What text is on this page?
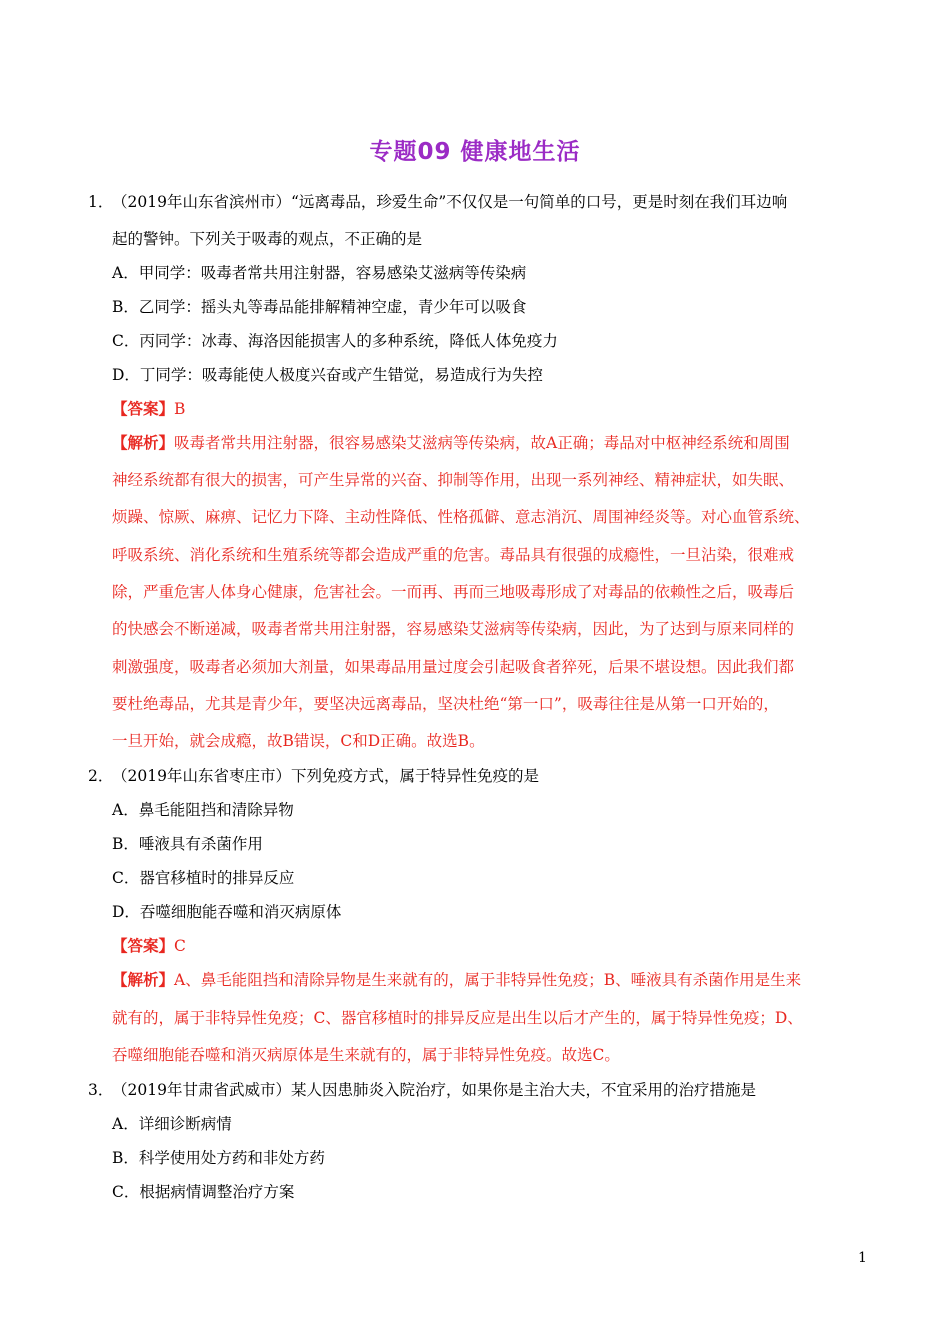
专题09 健康地生活
1．
（2019年山东省滨州市）“远离毒品，珍爱生命”不仅仅是一句简单的口号，更是时刻在我们耳边响
起的警钟。下列关于吸毒的观点，不正确的是
A．甲同学：吸毒者常共用注射器，容易感染艾滋病等传染病
B．乙同学：摇头丸等毒品能排解精神空虚，青少年可以吸食
C．丙同学：冰毒、海洛因能损害人的多种系统，降低人体免疫力
D．丁同学：吸毒能使人极度兴奋或产生错觉，易造成行为失控
【答案】B
【解析】吸毒者常共用注射器，很容易感染艾滋病等传染病，故A正确；毒品对中枢神经系统和周围
神经系统都有很大的损害，可产生异常的兴奋、抑制等作用，出现一系列神经、精神症状，如失眠、
烦躁、惊厥、麻痹、记忆力下降、主动性降低、性格孤僻、意志消沉、周围神经炎等。对心血管系统、
呼吸系统、消化系统和生殖系统等都会造成严重的危害。毒品具有很强的成瘾性，一旦沾染，很难戒
除，严重危害人体身心健康，危害社会。一而再、再而三地吸毒形成了对毒品的依赖性之后，吸毒后
的快感会不断递减，吸毒者常共用注射器，容易感染艾滋病等传染病，因此，为了达到与原来同样的
刺激强度，吸毒者必须加大剂量，如果毒品用量过度会引起吸食者猝死，后果不堪设想。因此我们都
要杜绝毒品，尤其是青少年，要坚决远离毒品，坚决杜绝“第一口”，吸毒往往是从第一口开始的，
一旦开始，就会成瘾，故B错误，C和D正确。故选B。
2．
（2019年山东省枣庄市）下列免疫方式，属于特异性免疫的是
A．鼻毛能阻挡和清除异物
B．唾液具有杀菌作用
C．器官移植时的排异反应
D．吞噬细胞能吞噬和消灭病原体
【答案】C
【解析】A、鼻毛能阻挡和清除异物是生来就有的，属于非特异性免疫；B、唾液具有杀菌作用是生来
就有的，属于非特异性免疫；C、器官移植时的排异反应是出生以后才产生的，属于特异性免疫；D、
吞噬细胞能吞噬和消灭病原体是生来就有的，属于非特异性免疫。故选C。
3．
（2019年甘肃省武威市）某人因患肺炎入院治疗，如果你是主治大夫，不宜采用的治疗措施是
A．详细诊断病情
B．科学使用处方药和非处方药
C．根据病情调整治疗方案
1
